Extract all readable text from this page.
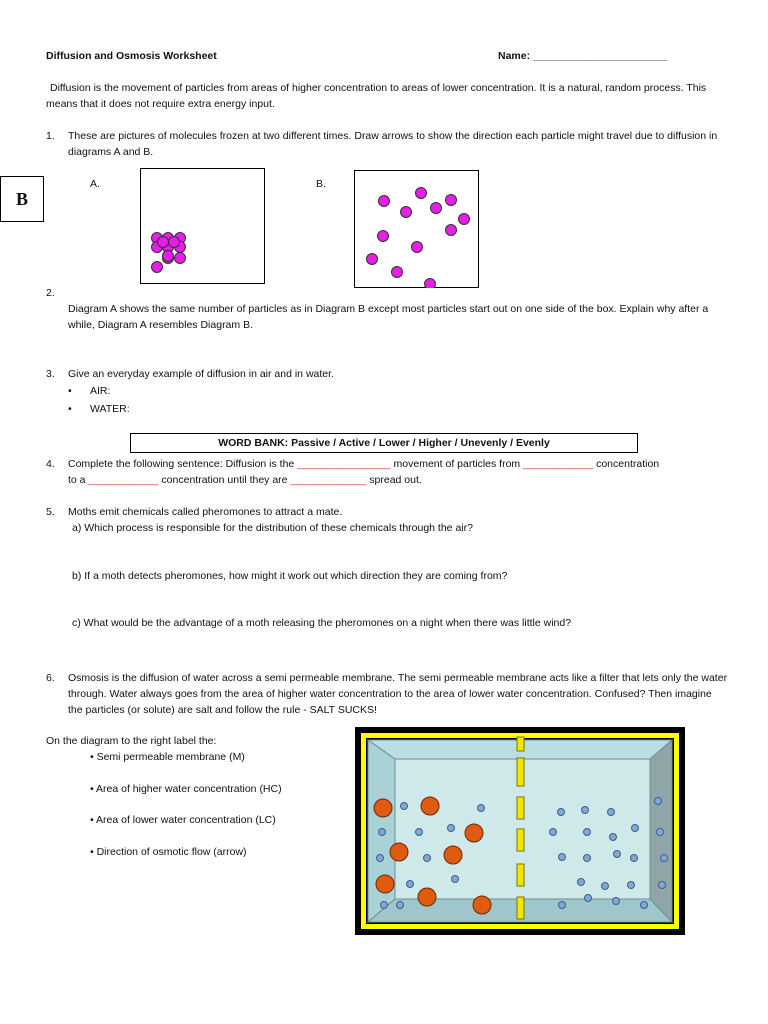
Diffusion and Osmosis Worksheet	Name: _______________________
B
Diffusion is the movement of particles from areas of higher concentration to areas of lower concentration. It is a natural, random process. This means that it does not require extra energy input.
1. These are pictures of molecules frozen at two different times. Draw arrows to show the direction each particle might travel due to diffusion in diagrams A and B.
A.	B.
2.
Diagram A shows the same number of particles as in Diagram B except most particles start out on one side of the box. Explain why after a while, Diagram A resembles Diagram B.
3. Give an everyday example of diffusion in air and in water.
• AIR:
• WATER:
WORD BANK: Passive / Active / Lower / Higher / Unevenly / Evenly
4. Complete the following sentence: Diffusion is the ________________ movement of particles from ____________ concentration
to a ____________ concentration until they are _____________ spread out.
5. Moths emit chemicals called pheromones to attract a mate.
a) Which process is responsible for the distribution of these chemicals through the air?
b) If a moth detects pheromones, how might it work out which direction they are coming from?
c) What would be the advantage of a moth releasing the pheromones on a night when there was little wind?
6. Osmosis is the diffusion of water across a semi permeable membrane. The semi permeable membrane acts like a filter that lets only the water through. Water always goes from the area of higher water concentration to the area of lower water concentration. Confused? Then imagine the particles (or solute) are salt and follow the rule - SALT SUCKS!
On the diagram to the right label the:
• Semi permeable membrane (M)
• Area of higher water concentration (HC)
• Area of lower water concentration (LC)
• Direction of osmotic flow (arrow)
